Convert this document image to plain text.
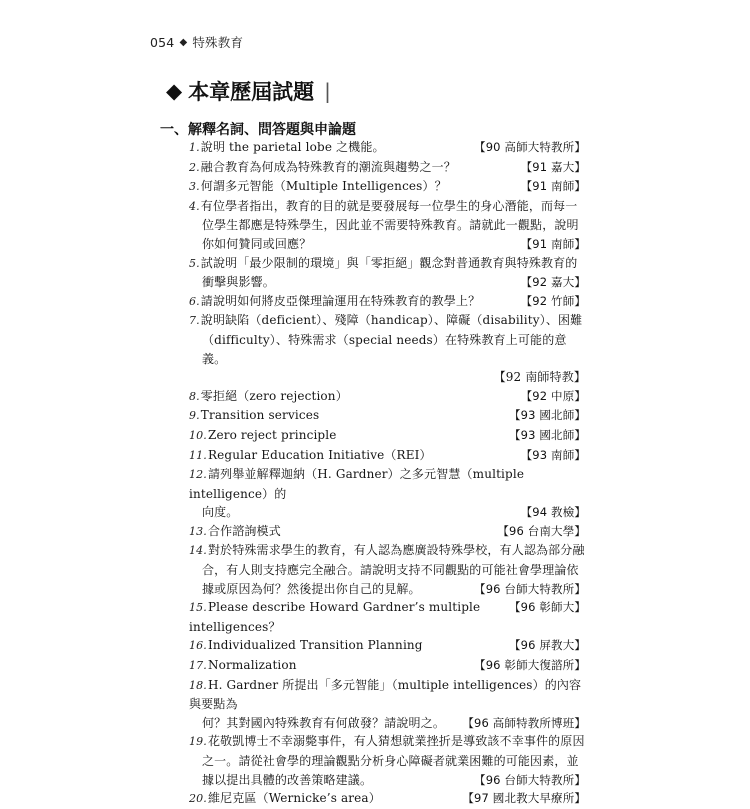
054 ◆ 特殊教育
◆ 本章歷屆試題 |
一、解釋名詞、問答題與申論題
【90 高師大特教所】
1.說明 the parietal lobe 之機能。
【91 嘉大】
2.融合教育為何成為特殊教育的潮流與趨勢之一？
【91 南師】
3.何謂多元智能（Multiple Intelligences）？
4.有位學者指出，教育的目的就是要發展每一位學生的身心潛能，而每一
位學生都應是特殊學生，因此並不需要特殊教育。請就此一觀點，說明
【91 南師】
你如何贊同或回應？
5.試說明「最少限制的環境」與「零拒絕」觀念對普通教育與特殊教育的
【92 嘉大】
衝擊與影響。
【92 竹師】
6.請說明如何將皮亞傑理論運用在特殊教育的教學上？
7.說明缺陷（deficient）、殘障（handicap）、障礙（disability）、困難
（difficulty）、特殊需求（special needs）在特殊教育上可能的意義。
【92 南師特教】
【92 中原】
8.零拒絕（zero rejection）
【93 國北師】
9.Transition services
【93 國北師】
10.Zero reject principle
【93 南師】
11.Regular Education Initiative（REI）
12.請列舉並解釋迦納（H. Gardner）之多元智慧（multiple intelligence）的
【94 教檢】
向度。
【96 台南大學】
13.合作諮詢模式
14.對於特殊需求學生的教育，有人認為應廣設特殊學校，有人認為部分融
合，有人則支持應完全融合。請說明支持不同觀點的可能社會學理論依
【96 台師大特教所】
據或原因為何？然後提出你自己的見解。
【96 彰師大】
15.Please describe Howard Gardner’s multiple intelligences？
【96 屏教大】
16.Individualized Transition Planning
【96 彰師大復諮所】
17.Normalization
18.H. Gardner 所提出「多元智能」（multiple intelligences）的內容與要點為
【96 高師特教所博班】
何？其對國內特殊教育有何啟發？請說明之。
19.花敬凱博士不幸溺斃事件，有人猜想就業挫折是導致該不幸事件的原因
之一。請從社會學的理論觀點分析身心障礙者就業困難的可能因素，並
【96 台師大特教所】
據以提出具體的改善策略建議。
【97 國北教大早療所】
20.維尼克區（Wernicke’s area）
